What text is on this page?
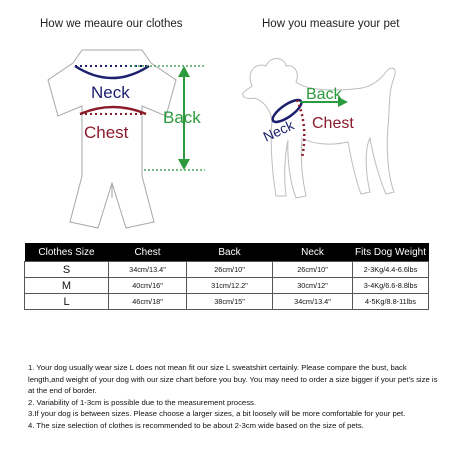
How we meaure our clothes	How you measure your pet
Neck
Chest
Back
Back
Neck Chest
Clothes Size	Chest	Back	Neck	Fits Dog Weight
S	34cm/13.4"	26cm/10"	26cm/10"	2-3Kg/4.4-6.6lbs
M	40cm/16"	31cm/12.2"	30cm/12"	3-4Kg/6.6-8.8lbs
L	46cm/18"	38cm/15"	34cm/13.4"	4-5Kg/8.8-11lbs

1. Your dog usually wear size L does not mean fit our size L sweatshirt certainly. Please compare the bust, back length,and weight of your dog with our size chart before you buy. You may need to order a size bigger if your pet's size is at the end of border.

2. Variability of 1-3cm is possible due to the measurement process.

3.If your dog is between sizes. Please choose a larger sizes, a bit loosely will be more comfortable for your pet.

4. The size selection of clothes is recommended to be about 2-3cm wide based on the size of pets.
